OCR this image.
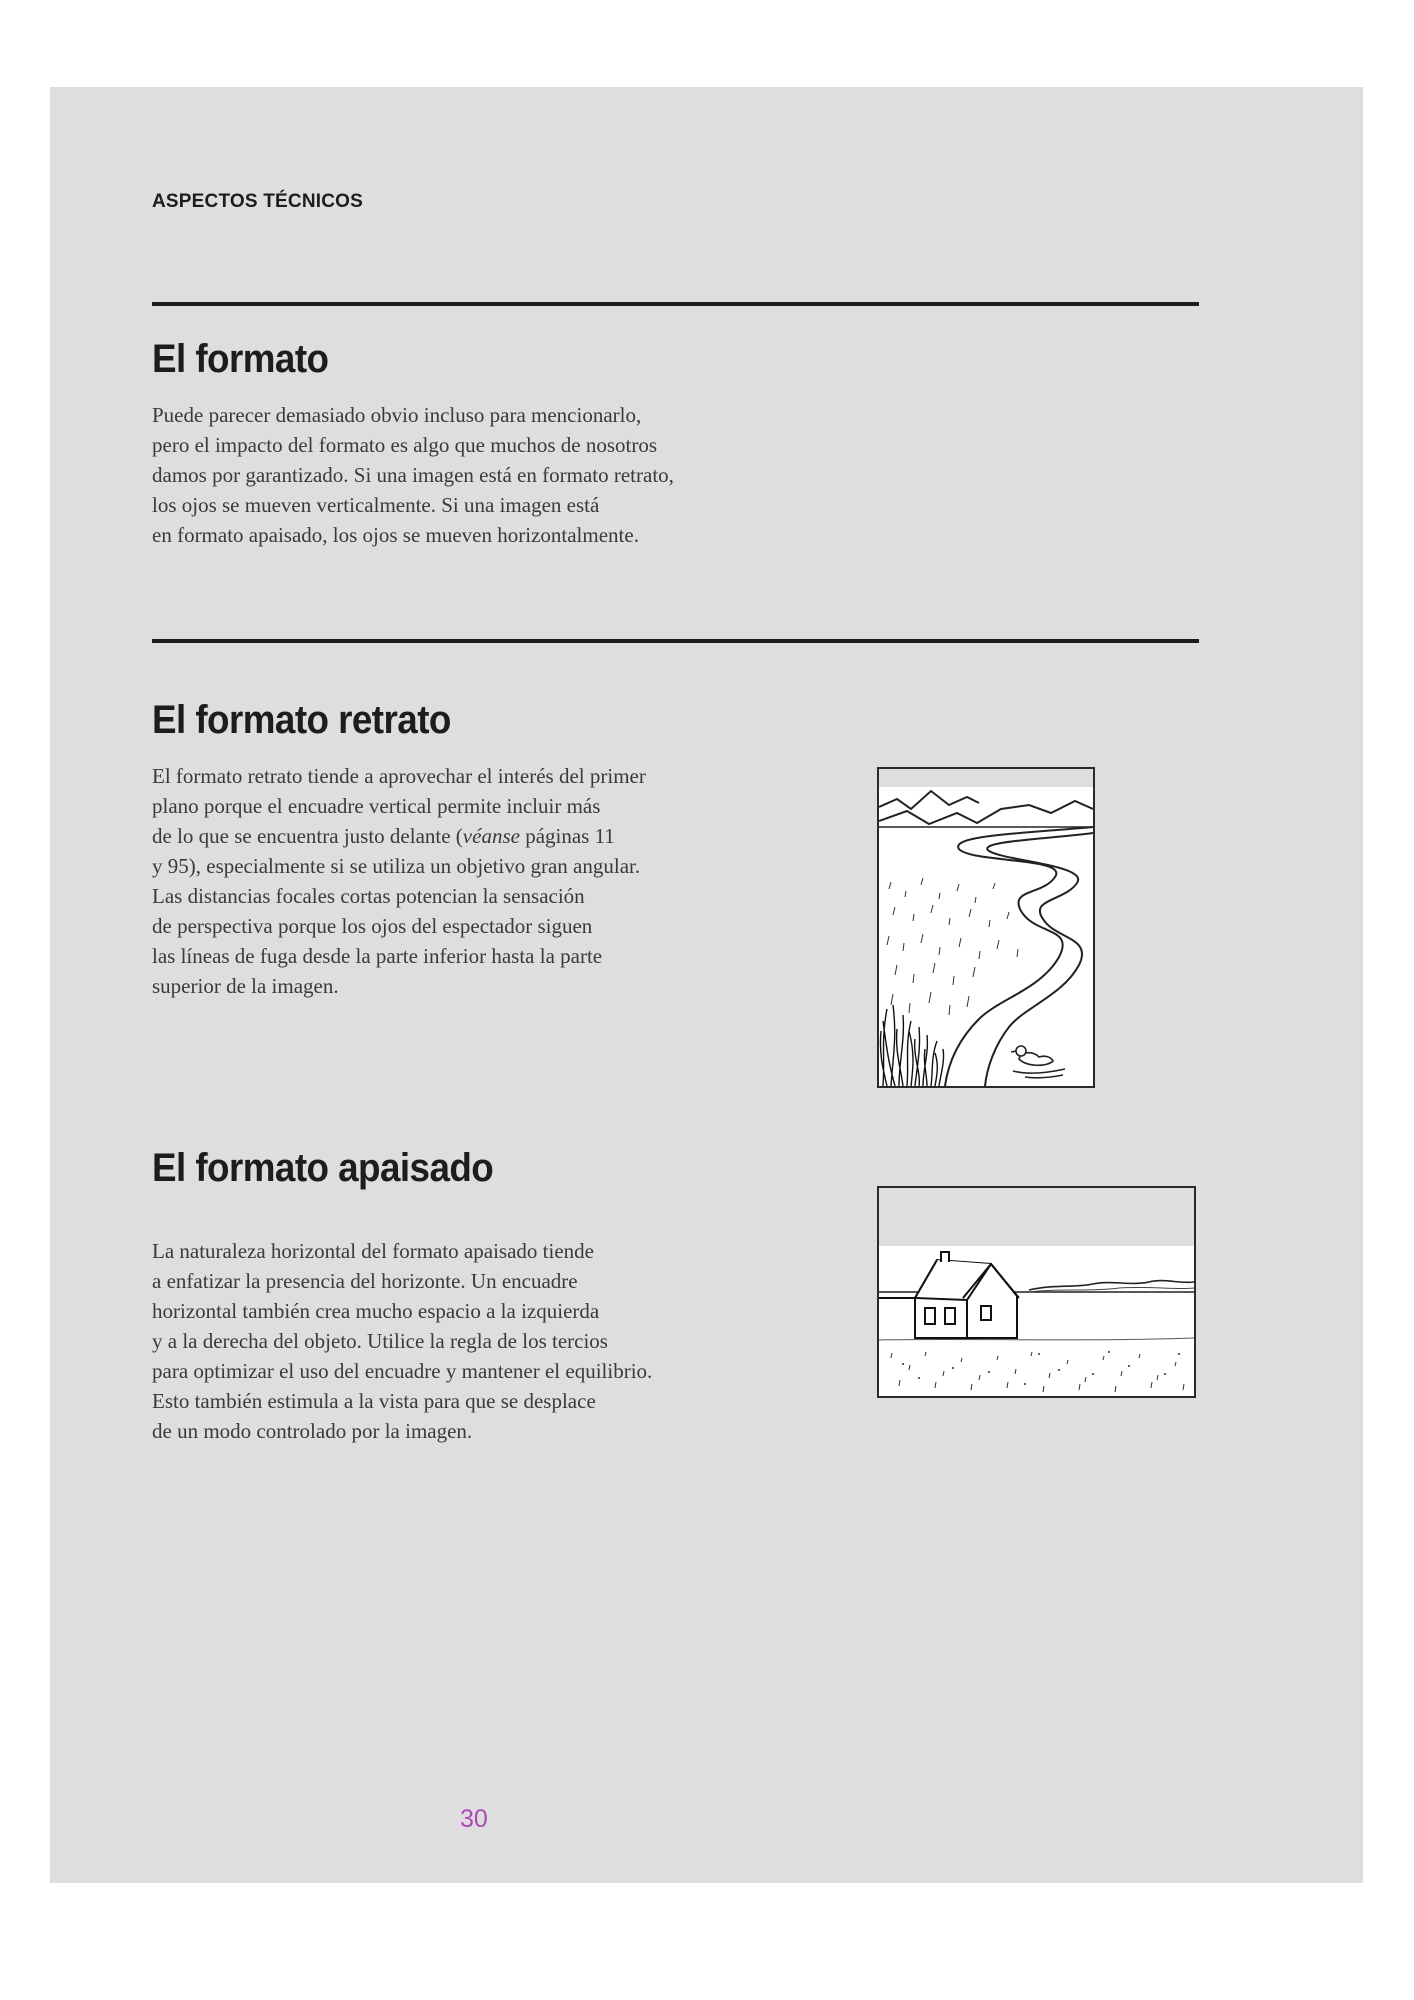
ASPECTOS TÉCNICOS
El formato

Puede parecer demasiado obvio incluso para mencionarlo,
pero el impacto del formato es algo que muchos de nosotros
damos por garantizado. Si una imagen está en formato retrato,
los ojos se mueven verticalmente. Si una imagen está
en formato apaisado, los ojos se mueven horizontalmente.

El formato retrato

El formato retrato tiende a aprovechar el interés del primer
plano porque el encuadre vertical permite incluir más
de lo que se encuentra justo delante (véanse páginas 11
y 95), especialmente si se utiliza un objetivo gran angular.
Las distancias focales cortas potencian la sensación
de perspectiva porque los ojos del espectador siguen
las líneas de fuga desde la parte inferior hasta la parte
superior de la imagen.

El formato apaisado

La naturaleza horizontal del formato apaisado tiende
a enfatizar la presencia del horizonte. Un encuadre
horizontal también crea mucho espacio a la izquierda
y a la derecha del objeto. Utilice la regla de los tercios
para optimizar el uso del encuadre y mantener el equilibrio.
Esto también estimula a la vista para que se desplace
de un modo controlado por la imagen.

30
